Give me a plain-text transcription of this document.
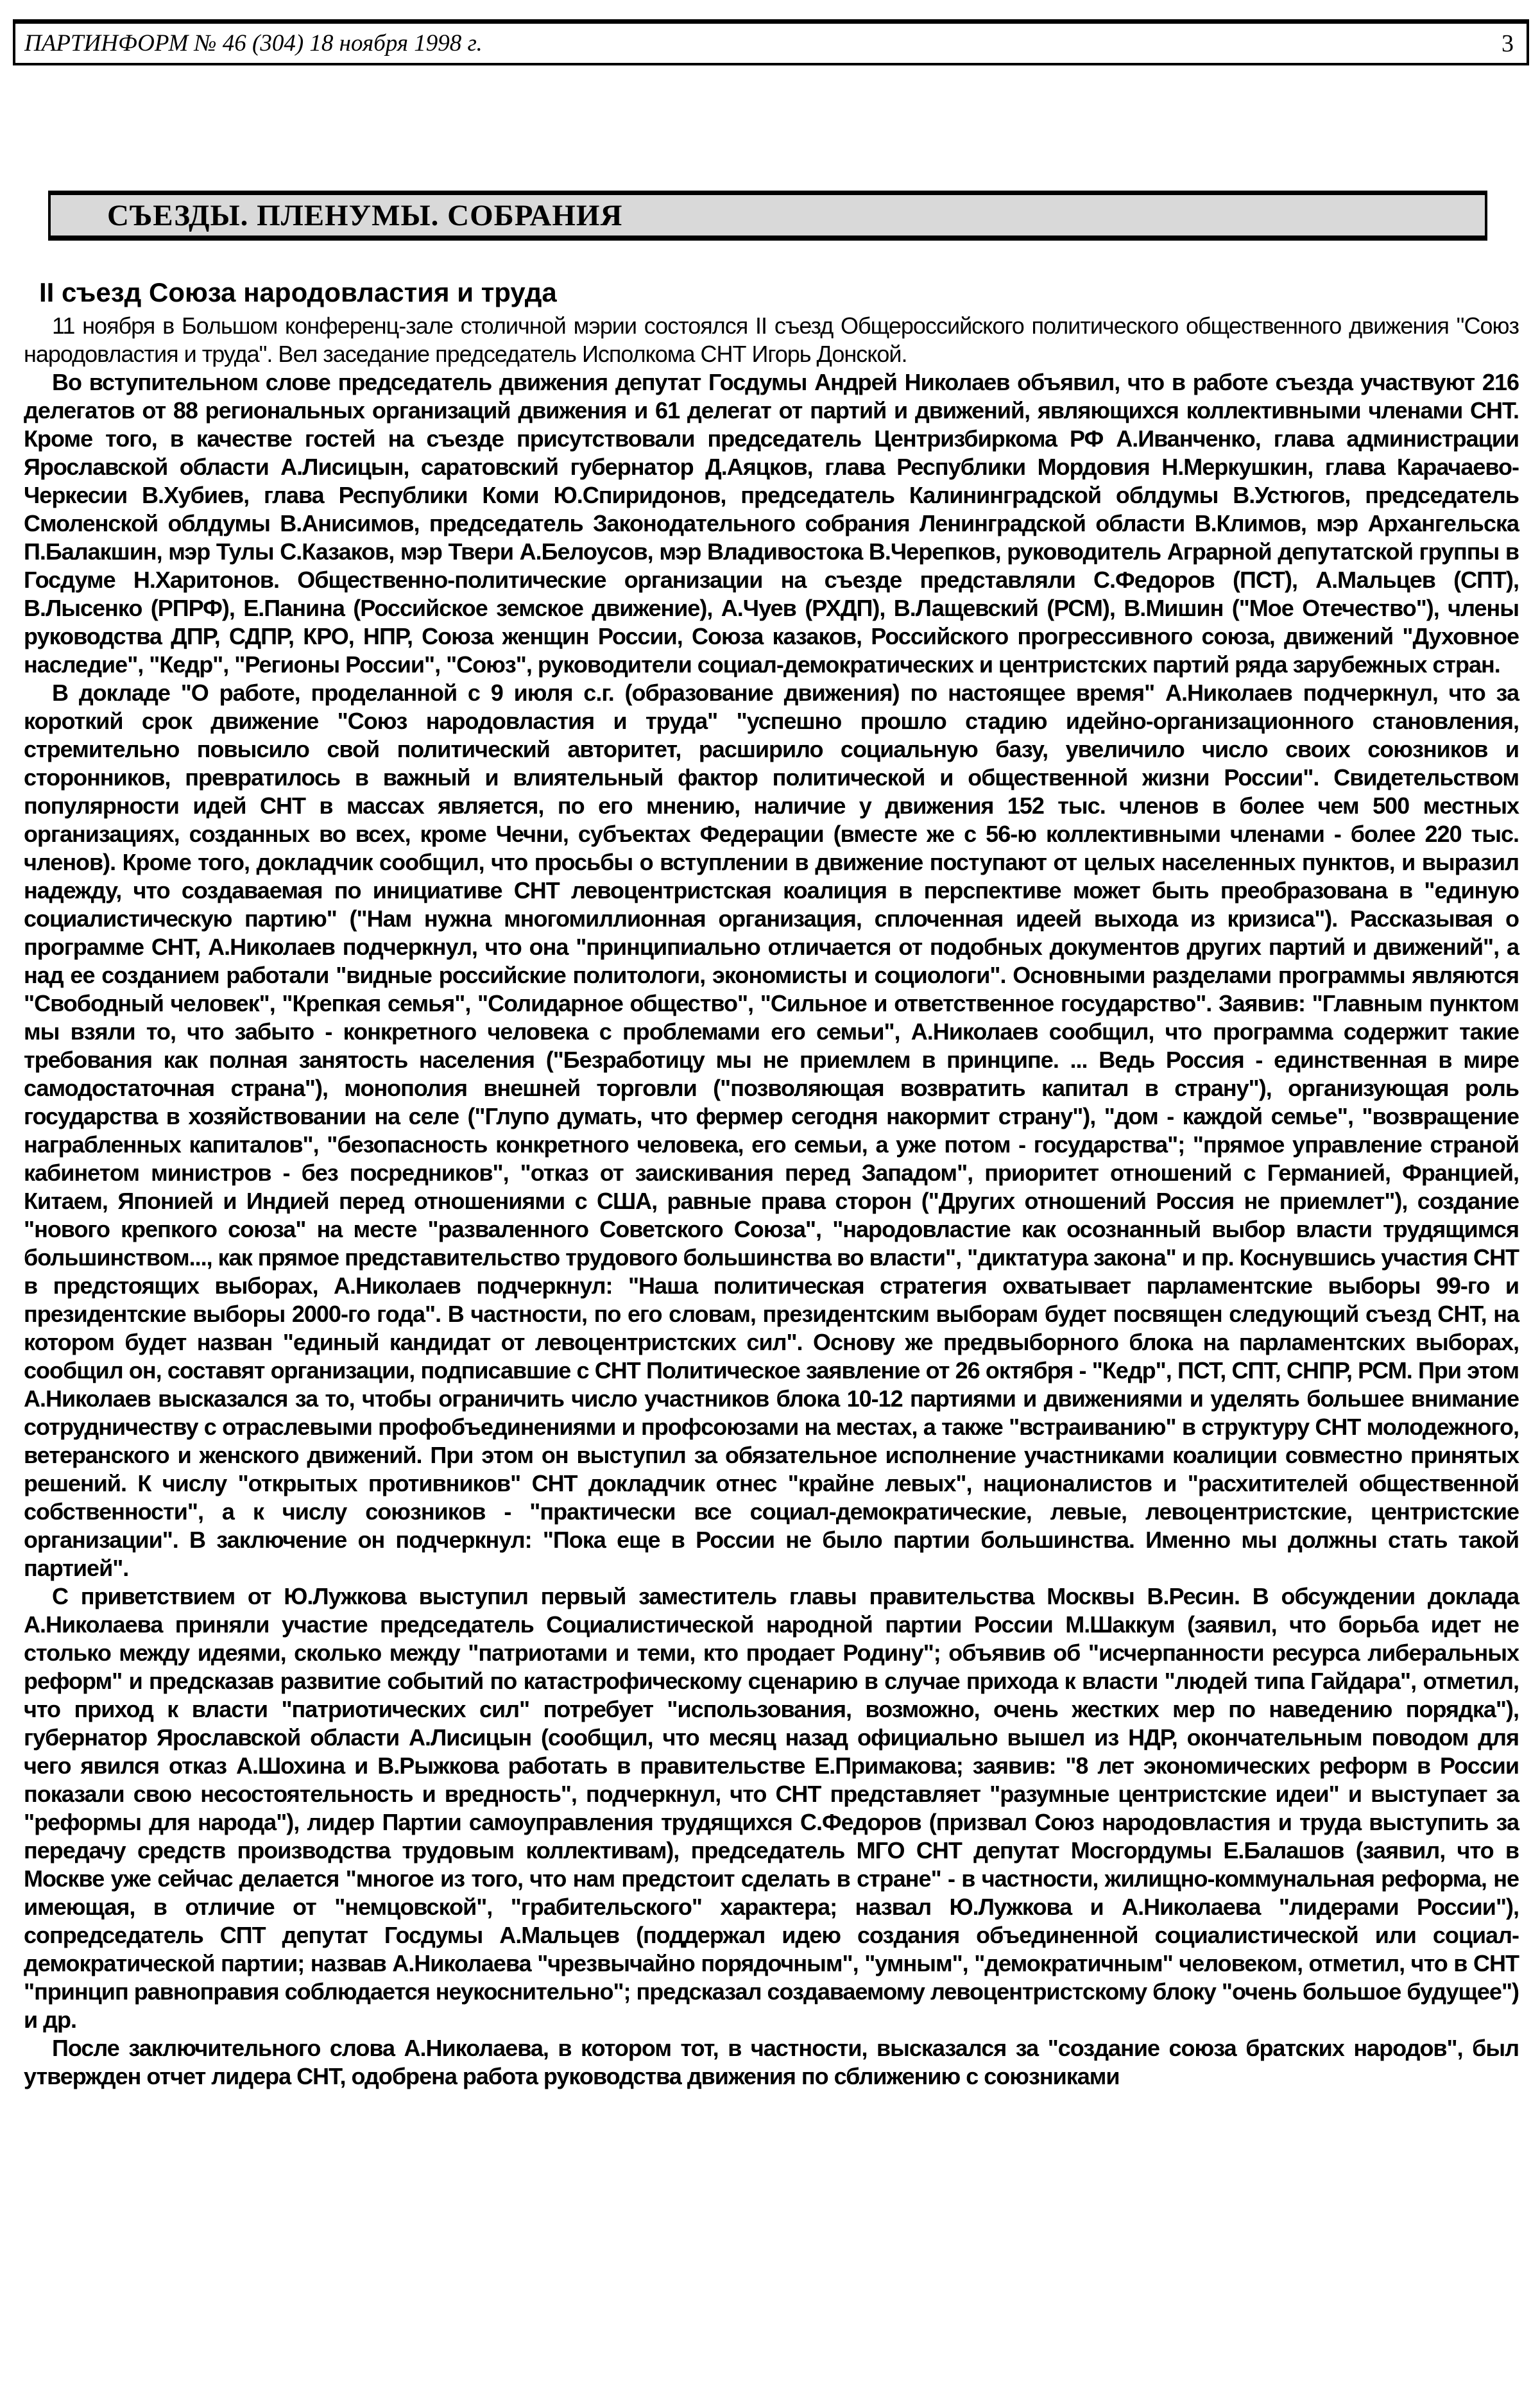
ПАРТИНФОРМ № 46 (304) 18 ноября 1998 г.	3
СЪЕЗДЫ. ПЛЕНУМЫ. СОБРАНИЯ
II съезд Союза народовластия и труда

11 ноября в Большом конференц-зале столичной мэрии состоялся II съезд Общероссийского политического общественного движения "Союз народовластия и труда". Вел заседание председатель Исполкома СНТ Игорь Донской.

Во вступительном слове председатель движения депутат Госдумы Андрей Николаев объявил, что в работе съезда участвуют 216 делегатов от 88 региональных организаций движения и 61 делегат от партий и движений, являющихся коллективными членами СНТ. Кроме того, в качестве гостей на съезде присутствовали председатель Центризбиркома РФ А.Иванченко, глава администрации Ярославской области А.Лисицын, саратовский губернатор Д.Аяцков, глава Республики Мордовия Н.Меркушкин, глава Карачаево-Черкесии В.Хубиев, глава Республики Коми Ю.Спиридонов, председатель Калининградской облдумы В.Устюгов, председатель Смоленской облдумы В.Анисимов, председатель Законодательного собрания Ленинградской области В.Климов, мэр Архангельска П.Балакшин, мэр Тулы С.Казаков, мэр Твери А.Белоусов, мэр Владивостока В.Черепков, руководитель Аграрной депутатской группы в Госдуме Н.Харитонов. Общественно-политические организации на съезде представляли С.Федоров (ПСТ), А.Мальцев (СПТ), В.Лысенко (РПРФ), Е.Панина (Российское земское движение), А.Чуев (РХДП), В.Лащевский (РСМ), В.Мишин ("Мое Отечество"), члены руководства ДПР, СДПР, КРО, НПР, Союза женщин России, Союза казаков, Российского прогрессивного союза, движений "Духовное наследие", "Кедр", "Регионы России", "Союз", руководители социал-демократических и центристских партий ряда зарубежных стран.

В докладе "О работе, проделанной с 9 июля с.г. (образование движения) по настоящее время" А.Николаев подчеркнул, что за короткий срок движение "Союз народовластия и труда" "успешно прошло стадию идейно-организационного становления, стремительно повысило свой политический авторитет, расширило социальную базу, увеличило число своих союзников и сторонников, превратилось в важный и влиятельный фактор политической и общественной жизни России". Свидетельством популярности идей СНТ в массах является, по его мнению, наличие у движения 152 тыс. членов в более чем 500 местных организациях, созданных во всех, кроме Чечни, субъектах Федерации (вместе же с 56-ю коллективными членами - более 220 тыс. членов). Кроме того, докладчик сообщил, что просьбы о вступлении в движение поступают от целых населенных пунктов, и выразил надежду, что создаваемая по инициативе СНТ левоцентристская коалиция в перспективе может быть преобразована в "единую социалистическую партию" ("Нам нужна многомиллионная организация, сплоченная идеей выхода из кризиса"). Рассказывая о программе СНТ, А.Николаев подчеркнул, что она "принципиально отличается от подобных документов других партий и движений", а над ее созданием работали "видные российские политологи, экономисты и социологи". Основными разделами программы являются "Свободный человек", "Крепкая семья", "Солидарное общество", "Сильное и ответственное государство". Заявив: "Главным пунктом мы взяли то, что забыто - конкретного человека с проблемами его семьи", А.Николаев сообщил, что программа содержит такие требования как полная занятость населения ("Безработицу мы не приемлем в принципе. ... Ведь Россия - единственная в мире самодостаточная страна"), монополия внешней торговли ("позволяющая возвратить капитал в страну"), организующая роль государства в хозяйствовании на селе ("Глупо думать, что фермер сегодня накормит страну"), "дом - каждой семье", "возвращение награбленных капиталов", "безопасность конкретного человека, его семьи, а уже потом - государства"; "прямое управление страной кабинетом министров - без посредников", "отказ от заискивания перед Западом", приоритет отношений с Германией, Францией, Китаем, Японией и Индией перед отношениями с США, равные права сторон ("Других отношений Россия не приемлет"), создание "нового крепкого союза" на месте "разваленного Советского Союза", "народовластие как осознанный выбор власти трудящимся большинством..., как прямое представительство трудового большинства во власти", "диктатура закона" и пр. Коснувшись участия СНТ в предстоящих выборах, А.Николаев подчеркнул: "Наша политическая стратегия охватывает парламентские выборы 99-го и президентские выборы 2000-го года". В частности, по его словам, президентским выборам будет посвящен следующий съезд СНТ, на котором будет назван "единый кандидат от левоцентристских сил". Основу же предвыборного блока на парламентских выборах, сообщил он, составят организации, подписавшие с СНТ Политическое заявление от 26 октября - "Кедр", ПСТ, СПТ, СНПР, РСМ. При этом А.Николаев высказался за то, чтобы ограничить число участников блока 10-12 партиями и движениями и уделять большее внимание сотрудничеству с отраслевыми профобъединениями и профсоюзами на местах, а также "встраиванию" в структуру СНТ молодежного, ветеранского и женского движений. При этом он выступил за обязательное исполнение участниками коалиции совместно принятых решений. К числу "открытых противников" СНТ докладчик отнес "крайне левых", националистов и "расхитителей общественной собственности", а к числу союзников - "практически все социал-демократические, левые, левоцентристские, центристские организации". В заключение он подчеркнул: "Пока еще в России не было партии большинства. Именно мы должны стать такой партией".

С приветствием от Ю.Лужкова выступил первый заместитель главы правительства Москвы В.Ресин. В обсуждении доклада А.Николаева приняли участие председатель Социалистической народной партии России М.Шаккум (заявил, что борьба идет не столько между идеями, сколько между "патриотами и теми, кто продает Родину"; объявив об "исчерпанности ресурса либеральных реформ" и предсказав развитие событий по катастрофическому сценарию в случае прихода к власти "людей типа Гайдара", отметил, что приход к власти "патриотических сил" потребует "использования, возможно, очень жестких мер по наведению порядка"), губернатор Ярославской области А.Лисицын (сообщил, что месяц назад официально вышел из НДР, окончательным поводом для чего явился отказ А.Шохина и В.Рыжкова работать в правительстве Е.Примакова; заявив: "8 лет экономических реформ в России показали свою несостоятельность и вредность", подчеркнул, что СНТ представляет "разумные центристские идеи" и выступает за "реформы для народа"), лидер Партии самоуправления трудящихся С.Федоров (призвал Союз народовластия и труда выступить за передачу средств производства трудовым коллективам), председатель МГО СНТ депутат Мосгордумы Е.Балашов (заявил, что в Москве уже сейчас делается "многое из того, что нам предстоит сделать в стране" - в частности, жилищно-коммунальная реформа, не имеющая, в отличие от "немцовской", "грабительского" характера; назвал Ю.Лужкова и А.Николаева "лидерами России"), сопредседатель СПТ депутат Госдумы А.Мальцев (поддержал идею создания объединенной социалистической или социал-демократической партии; назвав А.Николаева "чрезвычайно порядочным", "умным", "демократичным" человеком, отметил, что в СНТ "принцип равноправия соблюдается неукоснительно"; предсказал создаваемому левоцентристскому блоку "очень большое будущее") и др.

После заключительного слова А.Николаева, в котором тот, в частности, высказался за "создание союза братских народов", был утвержден отчет лидера СНТ, одобрена работа руководства движения по сближению с союзниками
